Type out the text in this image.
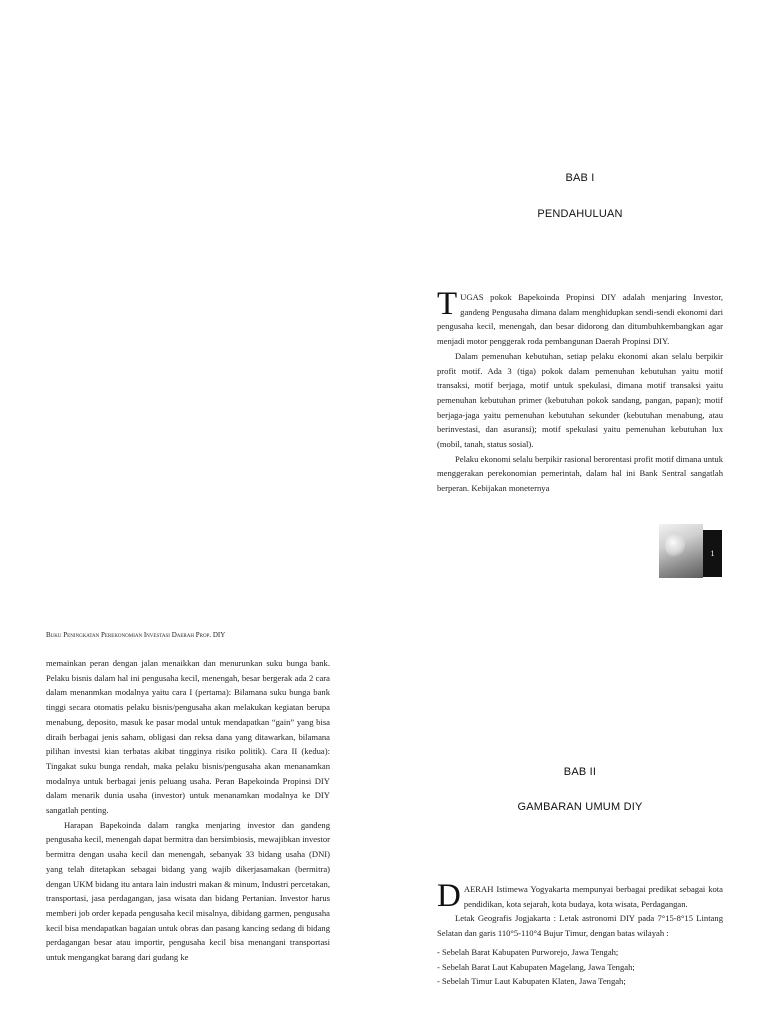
BAB I
PENDAHULUAN

TUGAS pokok Bapekoinda Propinsi DIY adalah menjaring Investor, gandeng Pengusaha dimana dalam menghidupkan sendi-sendi ekonomi dari pengusaha kecil, menengah, dan besar didorong dan ditumbuhkembangkan agar menjadi motor penggerak roda pembangunan Daerah Propinsi DIY.

Dalam pemenuhan kebutuhan, setiap pelaku ekonomi akan selalu berpikir profit motif. Ada 3 (tiga) pokok dalam pemenuhan kebutuhan yaitu motif transaksi, motif berjaga, motif untuk spekulasi, dimana motif transaksi yaitu pemenuhan kebutuhan primer (kebutuhan pokok sandang, pangan, papan); motif berjaga-jaga yaitu pemenuhan kebutuhan sekunder (kebutuhan menabung, atau berinvestasi, dan asuransi); motif spekulasi yaitu pemenuhan kebutuhan lux (mobil, tanah, status sosial).

Pelaku ekonomi selalu berpikir rasional berorentasi profit motif dimana untuk menggerakan perekonomian pemerintah, dalam hal ini Bank Sentral sangatlah berperan. Kebijakan moneternya

1
Buku Peningkatan Perekonomian Investasi Daerah Prop. DIY

memainkan peran dengan jalan menaikkan dan menurunkan suku bunga bank. Pelaku bisnis dalam hal ini pengusaha kecil, menengah, besar bergerak ada 2 cara dalam menanmkan modalnya yaitu cara I (pertama): Bilamana suku bunga bank tinggi secara otomatis pelaku bisnis/pengusaha akan melakukan kegiatan berupa menabung, deposito, masuk ke pasar modal untuk mendapatkan “gain” yang bisa diraih berbagai jenis saham, obligasi dan reksa dana yang ditawarkan, bilamana pilihan investsi kian terbatas akibat tingginya risiko politik). Cara II (kedua): Tingakat suku bunga rendah, maka pelaku bisnis/pengusaha akan menanamkan modalnya untuk berbagai jenis peluang usaha. Peran Bapekoinda Propinsi DIY dalam menarik dunia usaha (investor) untuk menanamkan modalnya ke DIY sangatlah penting.

Harapan Bapekoinda dalam rangka menjaring investor dan gandeng pengusaha kecil, menengah dapat bermitra dan bersimbiosis, mewajibkan investor bermitra dengan usaha kecil dan menengah, sebanyak 33 bidang usaha (DNI) yang telah ditetapkan sebagai bidang yang wajib dikerjasamakan (bermitra) dengan UKM bidang itu antara lain industri makan & minum, Industri percetakan, transportasi, jasa perdagangan, jasa wisata dan bidang Pertanian. Investor harus memberi job order kepada pengusaha kecil misalnya, dibidang garmen, pengusaha kecil bisa mendapatkan bagaian untuk obras dan pasang kancing sedang di bidang perdagangan besar atau importir, pengusaha kecil bisa menangani transportasi untuk mengangkat barang dari gudang ke

BAB II
GAMBARAN UMUM DIY

DAERAH Istimewa Yogyakarta mempunyai berbagai predikat sebagai kota pendidikan, kota sejarah, kota budaya, kota wisata, Perdagangan.

Letak Geografis Jogjakarta : Letak astronomi DIY pada 7°15-8°15 Lintang Selatan dan garis 110°5-110°4 Bujur Timur, dengan batas wilayah :

- Sebelah Barat Kabupaten Purworejo, Jawa Tengah;
- Sebelah Barat Laut Kabupaten Magelang, Jawa Tengah;
- Sebelah Timur Laut Kabupaten Klaten, Jawa Tengah;
